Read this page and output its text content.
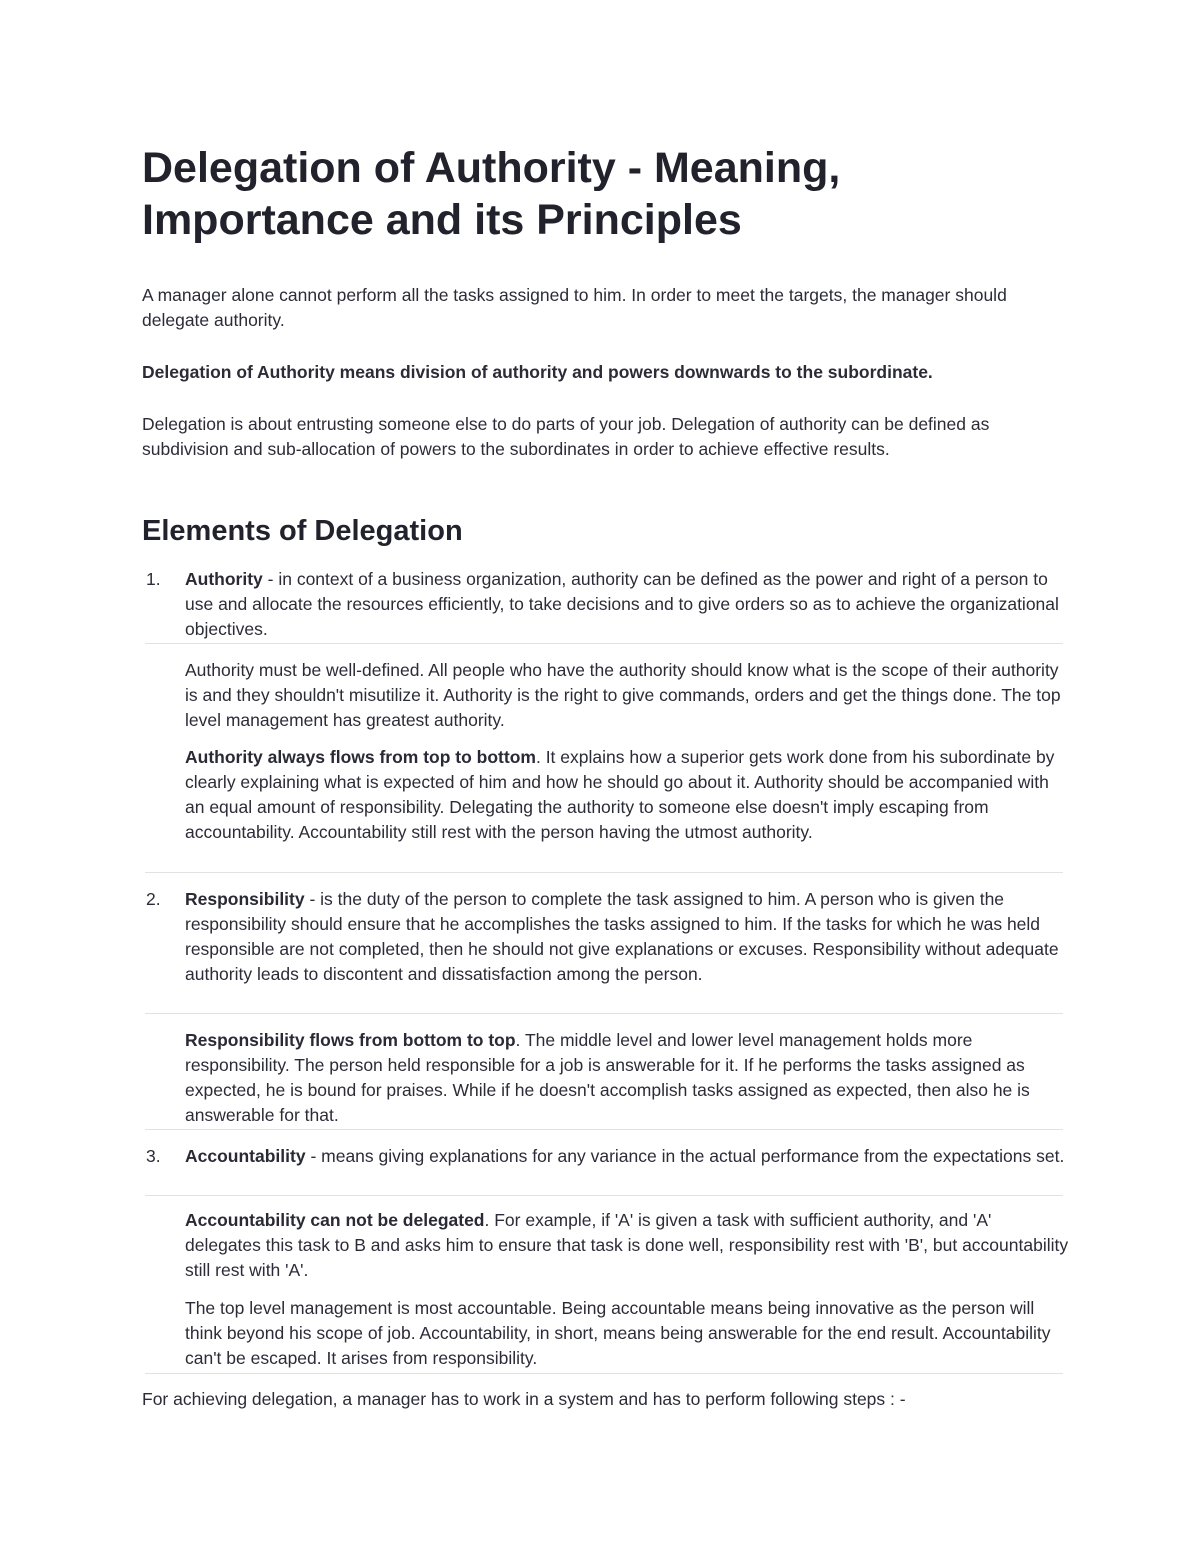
Delegation of Authority - Meaning, Importance and its Principles

A manager alone cannot perform all the tasks assigned to him. In order to meet the targets, the manager should delegate authority.

Delegation of Authority means division of authority and powers downwards to the subordinate.

Delegation is about entrusting someone else to do parts of your job. Delegation of authority can be defined as subdivision and sub-allocation of powers to the subordinates in order to achieve effective results.

Elements of Delegation
1. Authority - in context of a business organization, authority can be defined as the power and right of a person to use and allocate the resources efficiently, to take decisions and to give orders so as to achieve the organizational objectives.

Authority must be well-defined. All people who have the authority should know what is the scope of their authority is and they shouldn't misutilize it. Authority is the right to give commands, orders and get the things done. The top level management has greatest authority.

Authority always flows from top to bottom. It explains how a superior gets work done from his subordinate by clearly explaining what is expected of him and how he should go about it. Authority should be accompanied with an equal amount of responsibility. Delegating the authority to someone else doesn't imply escaping from accountability. Accountability still rest with the person having the utmost authority.

2. Responsibility - is the duty of the person to complete the task assigned to him. A person who is given the responsibility should ensure that he accomplishes the tasks assigned to him. If the tasks for which he was held responsible are not completed, then he should not give explanations or excuses. Responsibility without adequate authority leads to discontent and dissatisfaction among the person.

Responsibility flows from bottom to top. The middle level and lower level management holds more responsibility. The person held responsible for a job is answerable for it. If he performs the tasks assigned as expected, he is bound for praises. While if he doesn't accomplish tasks assigned as expected, then also he is answerable for that.

3. Accountability - means giving explanations for any variance in the actual performance from the expectations set.

Accountability can not be delegated. For example, if 'A' is given a task with sufficient authority, and 'A' delegates this task to B and asks him to ensure that task is done well, responsibility rest with 'B', but accountability still rest with 'A'.

The top level management is most accountable. Being accountable means being innovative as the person will think beyond his scope of job. Accountability, in short, means being answerable for the end result. Accountability can't be escaped. It arises from responsibility.

For achieving delegation, a manager has to work in a system and has to perform following steps : -
